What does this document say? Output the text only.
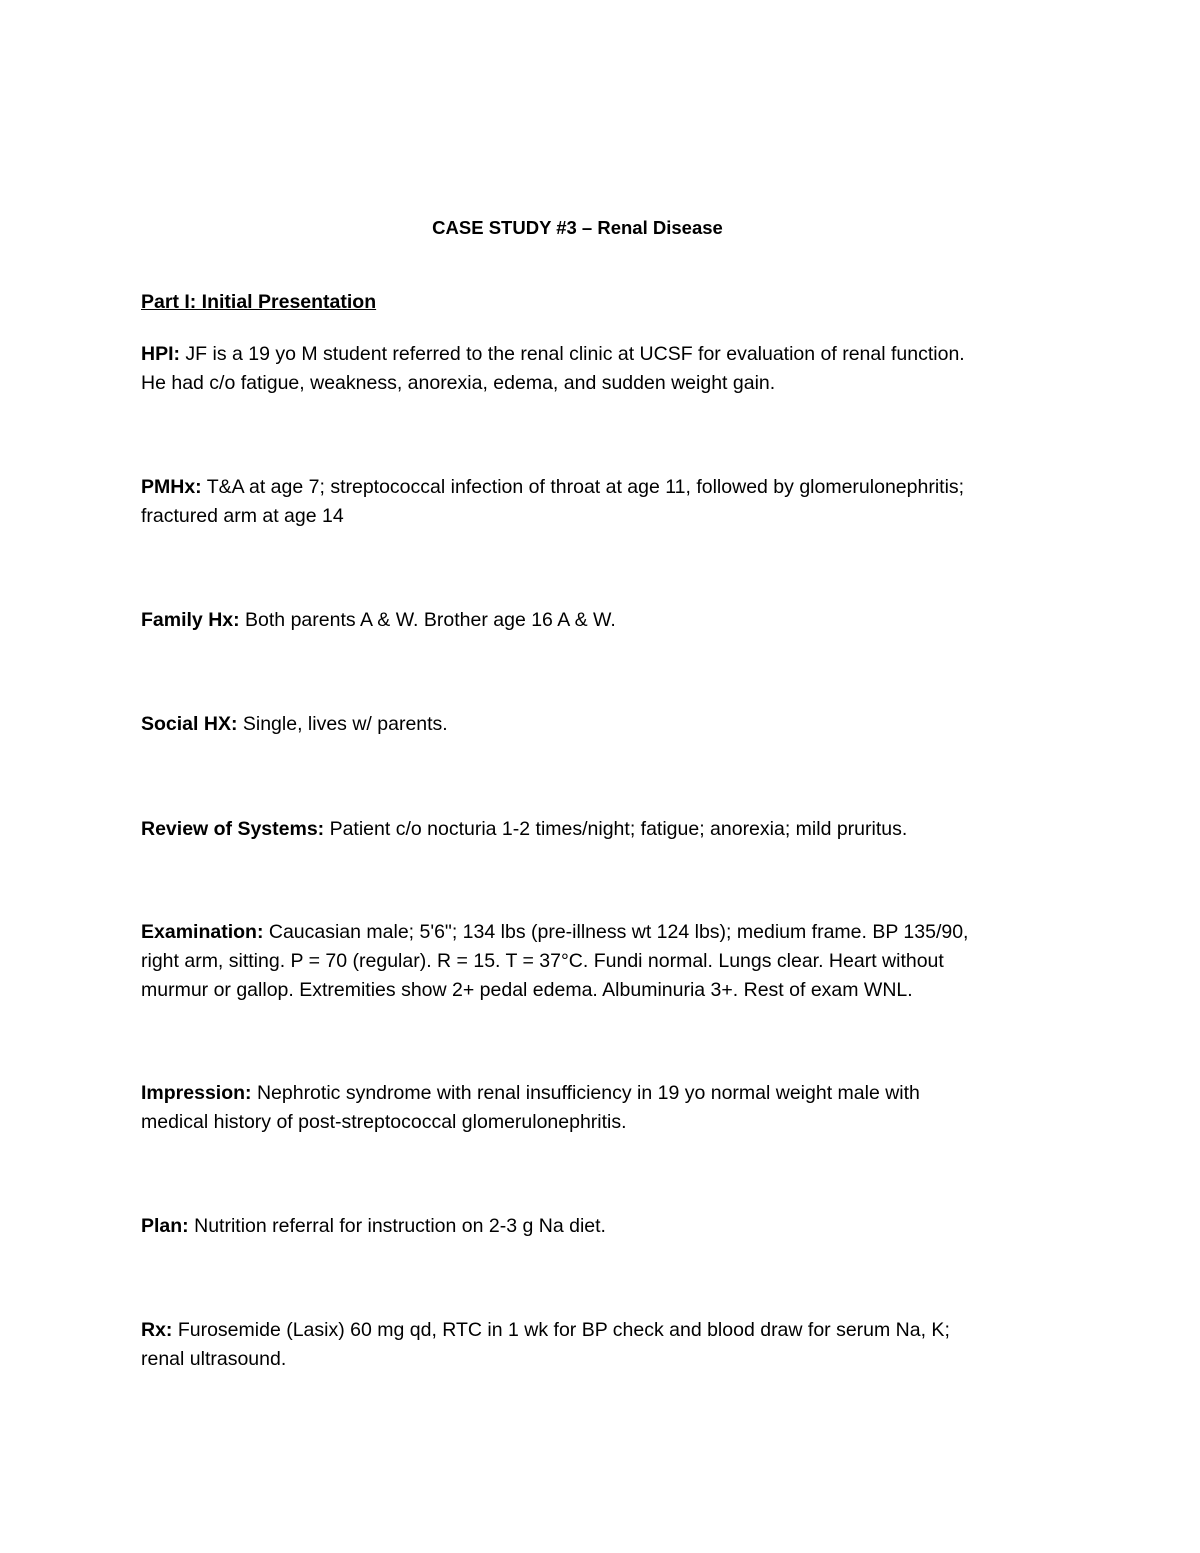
CASE STUDY #3 – Renal Disease
Part I: Initial Presentation
HPI: JF is a 19 yo M student referred to the renal clinic at UCSF for evaluation of renal function.
He had c/o fatigue, weakness, anorexia, edema, and sudden weight gain.
PMHx: T&A at age 7; streptococcal infection of throat at age 11, followed by glomerulonephritis;
fractured arm at age 14
Family Hx: Both parents A & W. Brother age 16 A & W.
Social HX: Single, lives w/ parents.
Review of Systems: Patient c/o nocturia 1-2 times/night; fatigue; anorexia; mild pruritus.
Examination: Caucasian male; 5'6"; 134 lbs (pre-illness wt 124 lbs); medium frame. BP 135/90,
right arm, sitting. P = 70 (regular). R = 15. T = 37°C. Fundi normal. Lungs clear. Heart without
murmur or gallop. Extremities show 2+ pedal edema. Albuminuria 3+. Rest of exam WNL.
Impression: Nephrotic syndrome with renal insufficiency in 19 yo normal weight male with
medical history of post-streptococcal glomerulonephritis.
Plan: Nutrition referral for instruction on 2-3 g Na diet.
Rx: Furosemide (Lasix) 60 mg qd, RTC in 1 wk for BP check and blood draw for serum Na, K;
renal ultrasound.
